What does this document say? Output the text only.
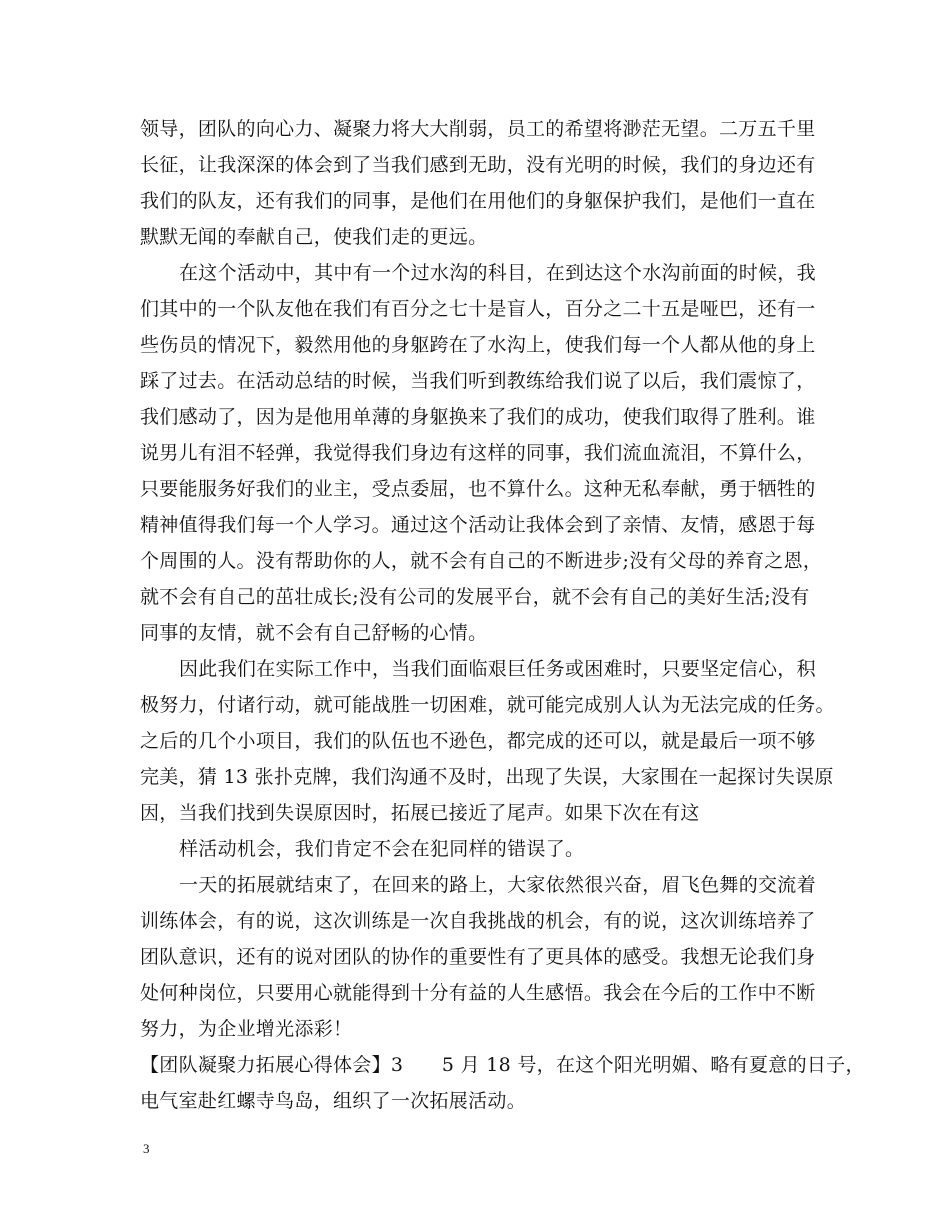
领导，团队的向心力、凝聚力将大大削弱，员工的希望将渺茫无望。二万五千里
长征，让我深深的体会到了当我们感到无助，没有光明的时候，我们的身边还有
我们的队友，还有我们的同事，是他们在用他们的身躯保护我们，是他们一直在
默默无闻的奉献自己，使我们走的更远。
在这个活动中，其中有一个过水沟的科目，在到达这个水沟前面的时候，我
们其中的一个队友他在我们有百分之七十是盲人，百分之二十五是哑巴，还有一
些伤员的情况下，毅然用他的身躯跨在了水沟上，使我们每一个人都从他的身上
踩了过去。在活动总结的时候，当我们听到教练给我们说了以后，我们震惊了，
我们感动了，因为是他用单薄的身躯换来了我们的成功，使我们取得了胜利。谁
说男儿有泪不轻弹，我觉得我们身边有这样的同事，我们流血流泪，不算什么，
只要能服务好我们的业主，受点委屈，也不算什么。这种无私奉献，勇于牺牲的
精神值得我们每一个人学习。通过这个活动让我体会到了亲情、友情，感恩于每
个周围的人。没有帮助你的人，就不会有自己的不断进步;没有父母的养育之恩，
就不会有自己的茁壮成长;没有公司的发展平台，就不会有自己的美好生活;没有
同事的友情，就不会有自己舒畅的心情。
因此我们在实际工作中，当我们面临艰巨任务或困难时，只要坚定信心，积
极努力，付诸行动，就可能战胜一切困难，就可能完成别人认为无法完成的任务。
之后的几个小项目，我们的队伍也不逊色，都完成的还可以，就是最后一项不够
完美，猜 13 张扑克牌，我们沟通不及时，出现了失误，大家围在一起探讨失误原
因，当我们找到失误原因时，拓展已接近了尾声。如果下次在有这
样活动机会，我们肯定不会在犯同样的错误了。
一天的拓展就结束了，在回来的路上，大家依然很兴奋，眉飞色舞的交流着
训练体会，有的说，这次训练是一次自我挑战的机会，有的说，这次训练培养了
团队意识，还有的说对团队的协作的重要性有了更具体的感受。我想无论我们身
处何种岗位，只要用心就能得到十分有益的人生感悟。我会在今后的工作中不断
努力，为企业增光添彩！
【团队凝聚力拓展心得体会】3　　5 月 18 号，在这个阳光明媚、略有夏意的日子，
电气室赴红螺寺鸟岛，组织了一次拓展活动。
3
